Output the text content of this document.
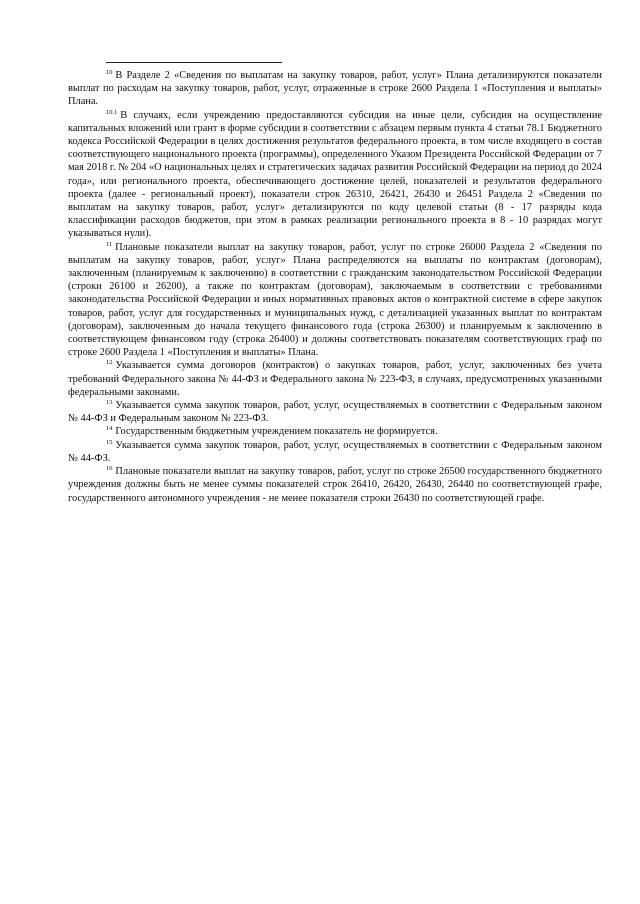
$^{10}$ В Разделе 2 «Сведения по выплатам на закупку товаров, работ, услуг» Плана детализируются показатели выплат по расходам на закупку товаров, работ, услуг, отраженные в строке 2600 Раздела 1 «Поступления и выплаты» Плана.

$^{10.1}$ В случаях, если учреждению предоставляются субсидия на иные цели, субсидия на осуществление капитальных вложений или грант в форме субсидии в соответствии с абзацем первым пункта 4 статьи 78.1 Бюджетного кодекса Российской Федерации в целях достижения результатов федерального проекта, в том числе входящего в состав соответствующего национального проекта (программы), определенного Указом Президента Российской Федерации от 7 мая 2018 г. № 204 «О национальных целях и стратегических задачах развития Российской Федерации на период до 2024 года», или регионального проекта, обеспечивающего достижение целей, показателей и результатов федерального проекта (далее - региональный проект), показатели строк 26310, 26421, 26430 и 26451 Раздела 2 «Сведения по выплатам на закупку товаров, работ, услуг» детализируются по коду целевой статьи (8 - 17 разряды кода классификации расходов бюджетов, при этом в рамках реализации регионального проекта в 8 - 10 разрядах могут указываться нули).

$^{11}$ Плановые показатели выплат на закупку товаров, работ, услуг по строке 26000 Раздела 2 «Сведения по выплатам на закупку товаров, работ, услуг» Плана распределяются на выплаты по контрактам (договорам), заключенным (планируемым к заключению) в соответствии с гражданским законодательством Российской Федерации (строки 26100 и 26200), а также по контрактам (договорам), заключаемым в соответствии с требованиями законодательства Российской Федерации и иных нормативных правовых актов о контрактной системе в сфере закупок товаров, работ, услуг для государственных и муниципальных нужд, с детализацией указанных выплат по контрактам (договорам), заключенным до начала текущего финансового года (строка 26300) и планируемым к заключению в соответствующем финансовом году (строка 26400) и должны соответствовать показателям соответствующих граф по строке 2600 Раздела 1 «Поступления и выплаты» Плана.

$^{12}$ Указывается сумма договоров (контрактов) о закупках товаров, работ, услуг, заключенных без учета требований Федерального закона № 44-ФЗ и Федерального закона № 223-ФЗ, в случаях, предусмотренных указанными федеральными законами.

$^{13}$ Указывается сумма закупок товаров, работ, услуг, осуществляемых в соответствии с Федеральным законом № 44-ФЗ и Федеральным законом № 223-ФЗ.

$^{14}$ Государственным бюджетным учреждением показатель не формируется.

$^{15}$ Указывается сумма закупок товаров, работ, услуг, осуществляемых в соответствии с Федеральным законом № 44-ФЗ.

$^{16}$ Плановые показатели выплат на закупку товаров, работ, услуг по строке 26500 государственного бюджетного учреждения должны быть не менее суммы показателей строк 26410, 26420, 26430, 26440 по соответствующей графе, государственного автономного учреждения - не менее показателя строки 26430 по соответствующей графе.
